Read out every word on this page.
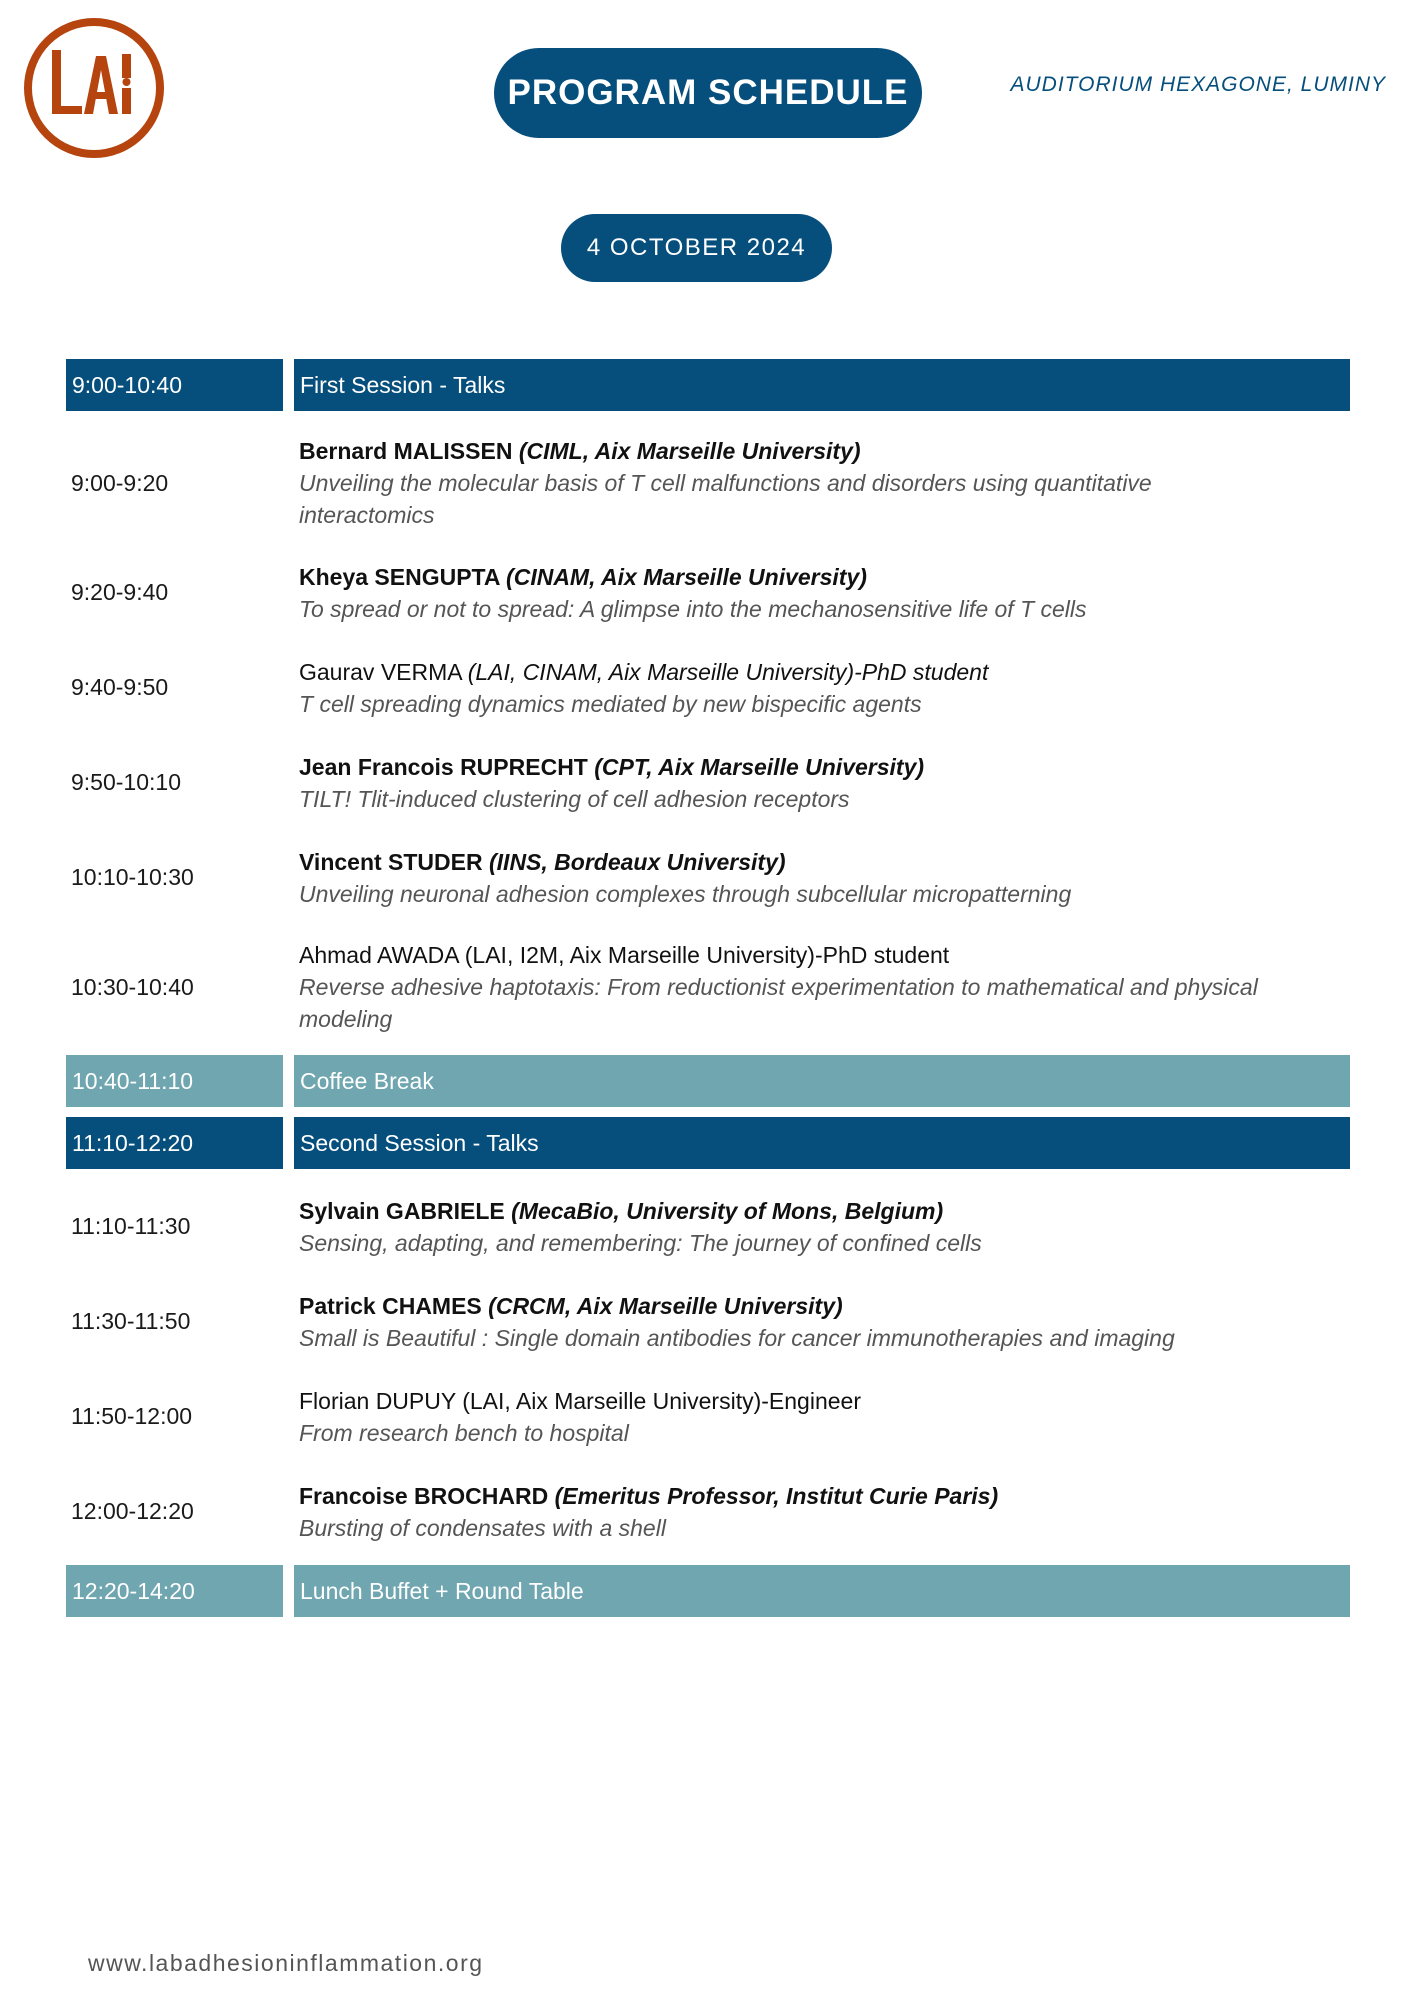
PROGRAM SCHEDULE	AUDITORIUM HEXAGONE, LUMINY
4 OCTOBER 2024
9:00-10:40	First Session - Talks
9:00-9:20
Bernard MALISSEN (CIML, Aix Marseille University)
Unveiling the molecular basis of T cell malfunctions and disorders using quantitative interactomics
9:20-9:40
Kheya SENGUPTA (CINAM, Aix Marseille University)
To spread or not to spread: A glimpse into the mechanosensitive life of T cells
9:40-9:50
Gaurav VERMA (LAI, CINAM, Aix Marseille University)-PhD student
T cell spreading dynamics mediated by new bispecific agents
9:50-10:10
Jean Francois RUPRECHT (CPT, Aix Marseille University)
TILT! Tlit-induced clustering of cell adhesion receptors
10:10-10:30
Vincent STUDER (IINS, Bordeaux University)
Unveiling neuronal adhesion complexes through subcellular micropatterning
10:30-10:40
Ahmad AWADA (LAI, I2M, Aix Marseille University)-PhD student
Reverse adhesive haptotaxis: From reductionist experimentation to mathematical and physical modeling
10:40-11:10	Coffee Break
11:10-12:20	Second Session - Talks
11:10-11:30
Sylvain GABRIELE (MecaBio, University of Mons, Belgium)
Sensing, adapting, and remembering: The journey of confined cells
11:30-11:50
Patrick CHAMES (CRCM, Aix Marseille University)
Small is Beautiful : Single domain antibodies for cancer immunotherapies and imaging
11:50-12:00
Florian DUPUY (LAI, Aix Marseille University)-Engineer
From research bench to hospital
12:00-12:20
Francoise BROCHARD (Emeritus Professor, Institut Curie Paris)
Bursting of condensates with a shell
12:20-14:20	Lunch Buffet + Round Table
www.labadhesioninflammation.org
